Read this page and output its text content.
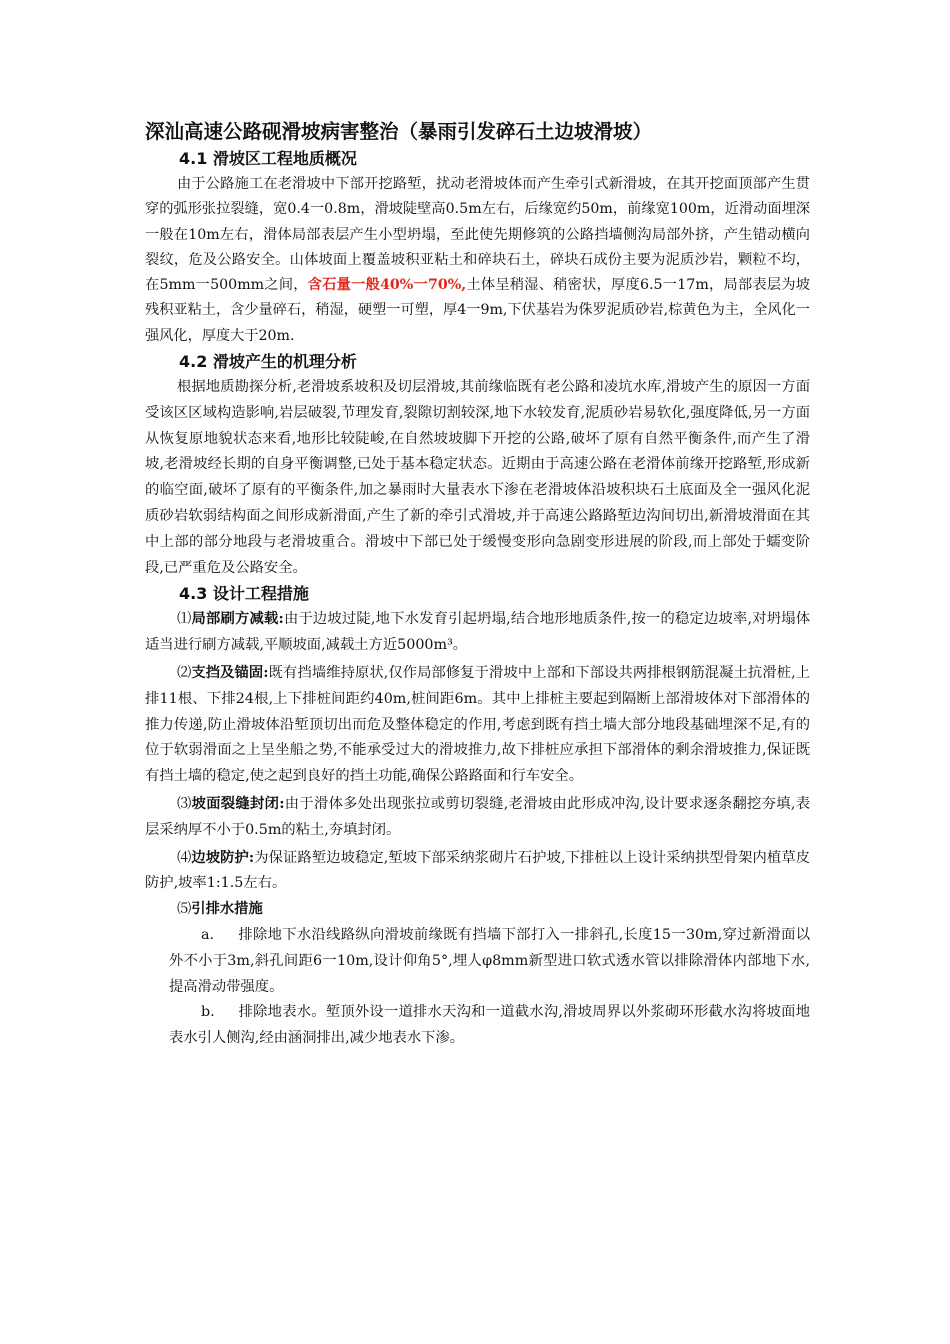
深汕高速公路砚滑坡病害整治（暴雨引发碎石土边坡滑坡）

4.1 滑坡区工程地质概况

由于公路施工在老滑坡中下部开挖路堑，扰动老滑坡体而产生牵引式新滑坡，在其开挖面顶部产生贯穿的弧形张拉裂缝，宽0.4一0.8m，滑坡陡壁高0.5m左右，后缘宽约50m，前缘宽100m，近滑动面埋深一般在10m左右，滑体局部表层产生小型坍塌，至此使先期修筑的公路挡墙侧沟局部外挤，产生错动横向裂纹，危及公路安全。山体坡面上覆盖坡积亚粘土和碎块石土，碎块石成份主要为泥质沙岩，颗粒不均，在5mm一500mm之间，含石量一般40%一70%,土体呈稍湿、稍密状，厚度6.5一17m，局部表层为坡残积亚粘土，含少量碎石，稍湿，硬塑一可塑，厚4一9m,下伏基岩为侏罗泥质砂岩,棕黄色为主，全风化一强风化，厚度大于20m.

4.2 滑坡产生的机理分析

根据地质勘探分析,老滑坡系坡积及切层滑坡,其前缘临既有老公路和凌坑水库,滑坡产生的原因一方面受该区区域构造影响,岩层破裂,节理发育,裂隙切割较深,地下水较发育,泥质砂岩易软化,强度降低,另一方面从恢复原地貌状态来看,地形比较陡峻,在自然坡坡脚下开挖的公路,破坏了原有自然平衡条件,而产生了滑坡,老滑坡经长期的自身平衡调整,已处于基本稳定状态。近期由于高速公路在老滑体前缘开挖路堑,形成新的临空面,破坏了原有的平衡条件,加之暴雨时大量表水下渗在老滑坡体沿坡积块石土底面及全一强风化泥质砂岩软弱结构面之间形成新滑面,产生了新的牵引式滑坡,并于高速公路路堑边沟间切出,新滑坡滑面在其中上部的部分地段与老滑坡重合。滑坡中下部已处于缓慢变形向急剧变形进展的阶段,而上部处于蠕变阶段,已严重危及公路安全。

4.3 设计工程措施

⑴局部刷方减载:由于边坡过陡,地下水发育引起坍塌,结合地形地质条件,按一的稳定边坡率,对坍塌体适当进行刷方减载,平顺坡面,减载土方近5000m³。

⑵支挡及锚固:既有挡墙维持原状,仅作局部修复于滑坡中上部和下部设共两排根钢筋混凝土抗滑桩,上排11根、下排24根,上下排桩间距约40m,桩间距6m。其中上排桩主要起到隔断上部滑坡体对下部滑体的推力传递,防止滑坡体沿堑顶切出而危及整体稳定的作用,考虑到既有挡土墙大部分地段基础埋深不足,有的位于软弱滑面之上呈坐船之势,不能承受过大的滑坡推力,故下排桩应承担下部滑体的剩余滑坡推力,保证既有挡土墙的稳定,使之起到良好的挡土功能,确保公路路面和行车安全。

⑶坡面裂缝封闭:由于滑体多处出现张拉或剪切裂缝,老滑坡由此形成冲沟,设计要求逐条翻挖夯填,表层采纳厚不小于0.5m的粘土,夯填封闭。

⑷边坡防护:为保证路堑边坡稳定,堑坡下部采纳浆砌片石护坡,下排桩以上设计采纳拱型骨架内植草皮防护,坡率1:1.5左右。

⑸引排水措施

a.     排除地下水沿线路纵向滑坡前缘既有挡墙下部打入一排斜孔,长度15一30m,穿过新滑面以外不小于3m,斜孔间距6一10m,设计仰角5°,埋人φ8mm新型进口软式透水管以排除滑体内部地下水,提高滑动带强度。

b.     排除地表水。堑顶外设一道排水天沟和一道截水沟,滑坡周界以外浆砌环形截水沟将坡面地表水引人侧沟,经由涵洞排出,减少地表水下渗。
